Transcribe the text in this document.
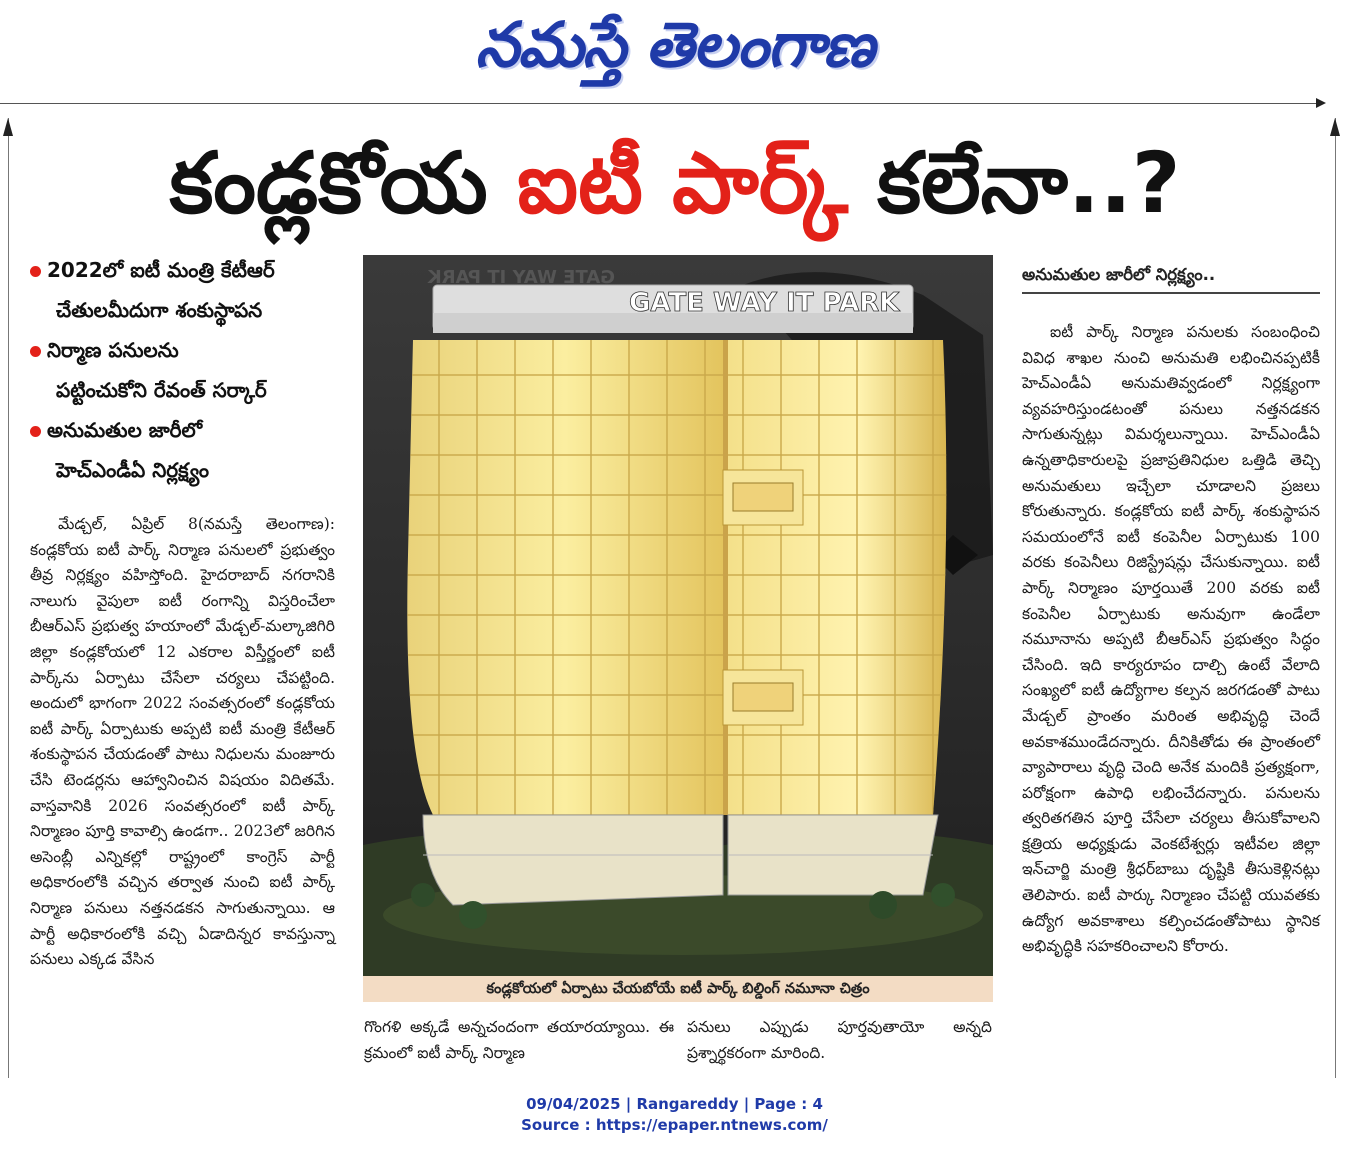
నమస్తే తెలంగాణ
కండ్లకోయ ఐటీ పార్క్ కలేనా..?
2022లో ఐటీ మంత్రి కేటీఆర్
చేతులమీదుగా శంకుస్థాపన
నిర్మాణ పనులను
పట్టించుకోని రేవంత్ సర్కార్
అనుమతుల జారీలో
హెచ్ఎండీఏ నిర్లక్ష్యం

మేడ్చల్, ఏప్రిల్ 8(నమస్తే తెలంగాణ): కండ్లకోయ ఐటీ పార్క్ నిర్మాణ పనులలో ప్రభుత్వం తీవ్ర నిర్లక్ష్యం వహిస్తోంది. హైదరాబాద్ నగరానికి నాలుగు వైపులా ఐటీ రంగాన్ని విస్తరించేలా బీఆర్ఎస్ ప్రభుత్వ హయాంలో మేడ్చల్-మల్కాజిగిరి జిల్లా కండ్లకోయలో 12 ఎకరాల విస్తీర్ణంలో ఐటీ పార్క్‌ను ఏర్పాటు చేసేలా చర్యలు చేపట్టింది. అందులో భాగంగా 2022 సంవత్సరంలో కండ్లకోయ ఐటీ పార్క్ ఏర్పాటుకు అప్పటి ఐటీ మంత్రి కేటీఆర్ శంకుస్థాపన చేయడంతో పాటు నిధులను మంజూరు చేసి టెండర్లను ఆహ్వానించిన విషయం విదితమే. వాస్తవానికి 2026 సంవత్సరంలో ఐటీ పార్క్ నిర్మాణం పూర్తి కావాల్సి ఉండగా.. 2023లో జరిగిన అసెంబ్లీ ఎన్నికల్లో రాష్ట్రంలో కాంగ్రెస్ పార్టీ అధికారంలోకి వచ్చిన తర్వాత నుంచి ఐటీ పార్క్ నిర్మాణ పనులు నత్తనడకన సాగుతున్నాయి. ఆ పార్టీ అధికారంలోకి వచ్చి ఏడాదిన్నర కావస్తున్నా పనులు ఎక్కడ వేసిన

GATE WAY IT PARK
GATE WAY IT PARK
కండ్లకోయలో ఏర్పాటు చేయబోయే ఐటీ పార్క్ బిల్డింగ్ నమూనా చిత్రం

గొంగళి అక్కడే అన్నచందంగా తయారయ్యాయి. ఈ క్రమంలో ఐటీ పార్క్ నిర్మాణ

పనులు ఎప్పుడు పూర్తవుతాయో అన్నది ప్రశ్నార్థకరంగా మారింది.

అనుమతుల జారీలో నిర్లక్ష్యం..

ఐటీ పార్క్ నిర్మాణ పనులకు సంబంధించి వివిధ శాఖల నుంచి అనుమతి లభించినప్పటికీ హెచ్ఎండీఏ అనుమతివ్వడంలో నిర్లక్ష్యంగా వ్యవహరిస్తుండటంతో పనులు నత్తనడకన సాగుతున్నట్లు విమర్శలున్నాయి. హెచ్ఎండీఏ ఉన్నతాధికారులపై ప్రజాప్రతినిధుల ఒత్తిడి తెచ్చి అనుమతులు ఇచ్చేలా చూడాలని ప్రజలు కోరుతున్నారు. కండ్లకోయ ఐటీ పార్క్ శంకుస్థాపన సమయంలోనే ఐటీ కంపెనీల ఏర్పాటుకు 100 వరకు కంపెనీలు రిజిస్ట్రేషన్లు చేసుకున్నాయి. ఐటీ పార్క్ నిర్మాణం పూర్తయితే 200 వరకు ఐటీ కంపెనీల ఏర్పాటుకు అనువుగా ఉండేలా నమూనాను అప్పటి బీఆర్ఎస్ ప్రభుత్వం సిద్ధం చేసింది. ఇది కార్యరూపం దాల్చి ఉంటే వేలాది సంఖ్యలో ఐటీ ఉద్యోగాల కల్పన జరగడంతో పాటు మేడ్చల్ ప్రాంతం మరింత అభివృద్ధి చెందే అవకాశముండేదన్నారు. దీనికితోడు ఈ ప్రాంతంలో వ్యాపారాలు వృద్ధి చెంది అనేక మందికి ప్రత్యక్షంగా, పరోక్షంగా ఉపాధి లభించేదన్నారు. పనులను త్వరితగతిన పూర్తి చేసేలా చర్యలు తీసుకోవాలని క్షత్రియ అధ్యక్షుడు వెంకటేశ్వర్లు ఇటీవల జిల్లా ఇన్‌చార్జి మంత్రి శ్రీధర్‌బాబు దృష్టికి తీసుకెళ్లినట్లు తెలిపారు. ఐటీ పార్కు నిర్మాణం చేపట్టి యువతకు ఉద్యోగ అవకాశాలు కల్పించడంతోపాటు స్థానిక అభివృద్ధికి సహకరించాలని కోరారు.

09/04/2025 | Rangareddy | Page : 4
Source : https://epaper.ntnews.com/
